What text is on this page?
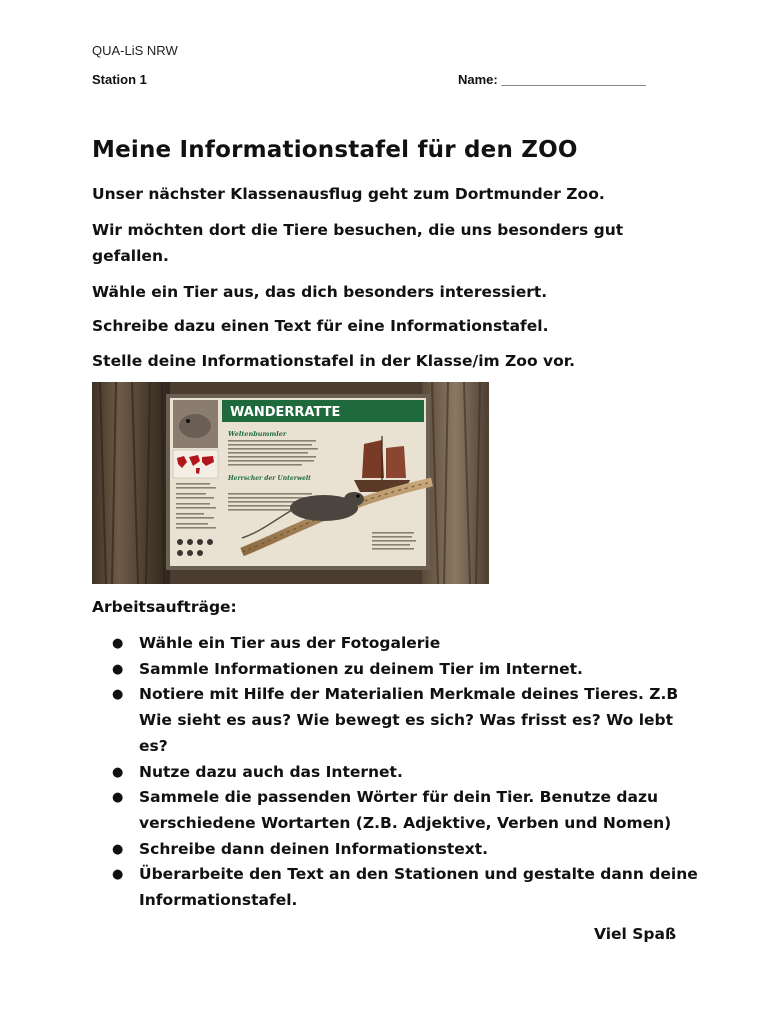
QUA-LiS NRW
Station 1	Name: ____________________
Meine Informationstafel für den ZOO

Unser nächster Klassenausflug geht zum Dortmunder Zoo.

Wir möchten dort die Tiere besuchen, die uns besonders gut gefallen.

Wähle ein Tier aus, das dich besonders interessiert.

Schreibe dazu einen Text für eine Informationstafel.

Stelle deine Informationstafel in der Klasse/im Zoo vor.

WANDERRATTE
Weltenbummler
Herrscher der Unterwelt
Arbeitsaufträge:
● Wähle ein Tier aus der Fotogalerie
● Sammle Informationen zu deinem Tier im Internet.
● Notiere mit Hilfe der Materialien Merkmale deines Tieres. Z.B Wie sieht es aus? Wie bewegt es sich? Was frisst es? Wo lebt es?
● Nutze dazu auch das Internet.
● Sammele die passenden Wörter für dein Tier. Benutze dazu verschiedene Wortarten (Z.B. Adjektive, Verben und Nomen)
● Schreibe dann deinen Informationstext.
● Überarbeite den Text an den Stationen und gestalte dann deine Informationstafel.
Viel Spaß
